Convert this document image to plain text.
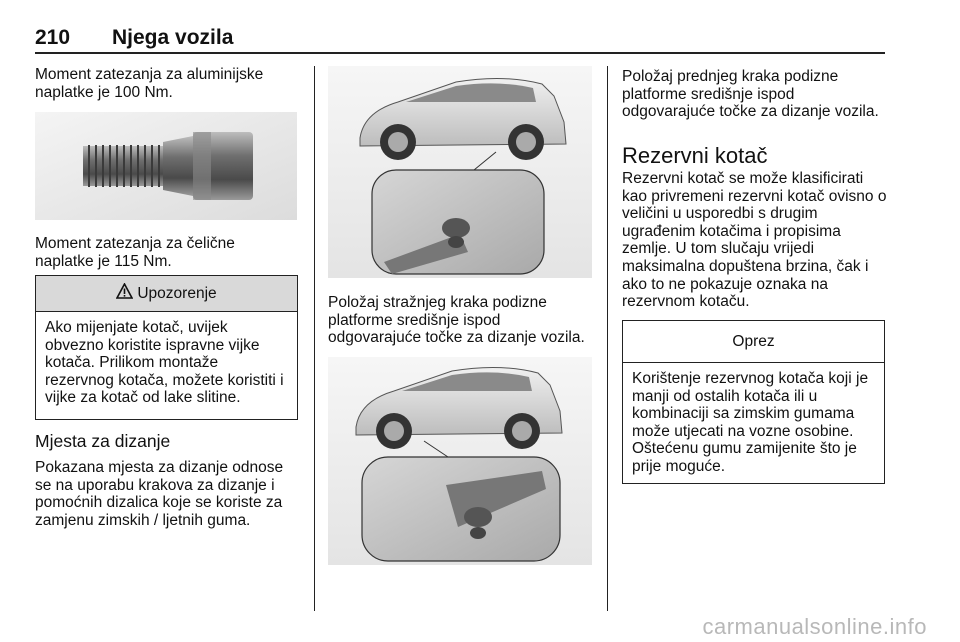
210 Njega vozila

Moment zatezanja za aluminijske naplatke je 100 Nm.

Moment zatezanja za čelične naplatke je 115 Nm.

Upozorenje

Ako mijenjate kotač, uvijek obvezno koristite ispravne vijke kotača. Prilikom montaže rezervnog kotača, možete koristiti i vijke za kotač od lake slitine.

Mjesta za dizanje

Pokazana mjesta za dizanje odnose se na uporabu krakova za dizanje i pomoćnih dizalica koje se koriste za zamjenu zimskih / ljetnih guma.

Položaj stražnjeg kraka podizne platforme središnje ispod odgovarajuće točke za dizanje vozila.

Položaj prednjeg kraka podizne platforme središnje ispod odgovarajuće točke za dizanje vozila.

Rezervni kotač

Rezervni kotač se može klasificirati kao privremeni rezervni kotač ovisno o veličini u usporedbi s drugim ugrađenim kotačima i propisima zemlje. U tom slučaju vrijedi maksimalna dopuštena brzina, čak i ako to ne pokazuje oznaka na rezervnom kotaču.

Oprez

Korištenje rezervnog kotača koji je manji od ostalih kotača ili u kombinaciji sa zimskim gumama može utjecati na vozne osobine. Oštećenu gumu zamijenite što je prije moguće.

carmanualsonline.info
